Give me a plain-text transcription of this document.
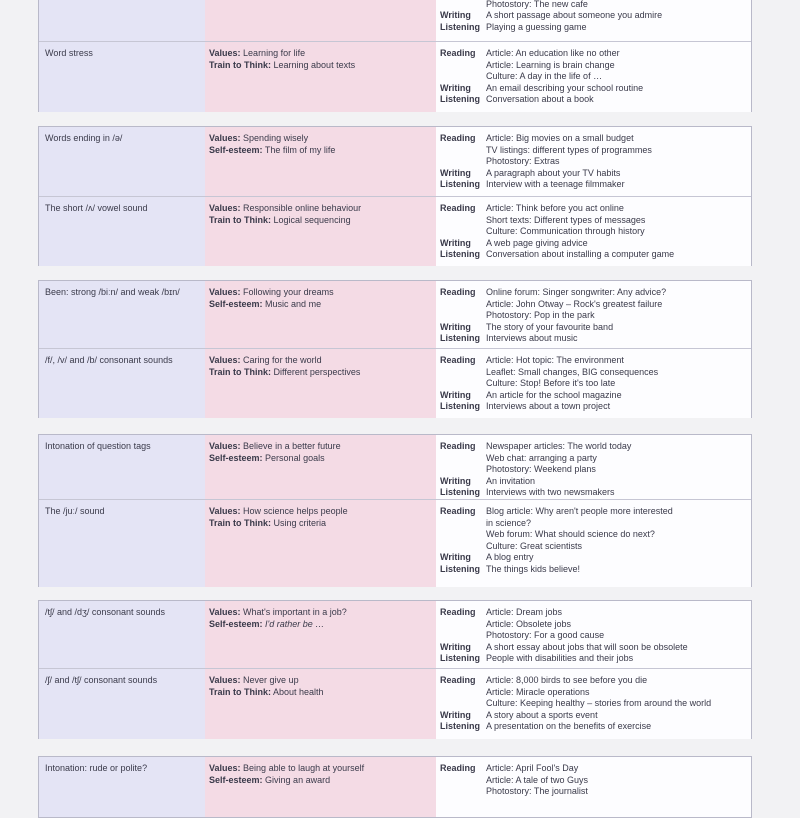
Photostory: The new cafe
Writing A short passage about someone you admire
Listening Playing a guessing game
Word stress	Values: Learning for life
Train to Think: Learning about texts
Reading Article: An education like no other
Article: Learning is brain change
Culture: A day in the life of …
Writing An email describing your school routine
Listening Conversation about a book
Words ending in /ə/	Values: Spending wisely
Self-esteem: The film of my life
Reading Article: Big movies on a small budget
TV listings: different types of programmes
Photostory: Extras
Writing A paragraph about your TV habits
Listening Interview with a teenage filmmaker
The short /ʌ/ vowel sound	Values: Responsible online behaviour
Train to Think: Logical sequencing
Reading Article: Think before you act online
Short texts: Different types of messages
Culture: Communication through history
Writing A web page giving advice
Listening Conversation about installing a computer game
Been: strong /biːn/ and weak /bɪn/	Values: Following your dreams
Self-esteem: Music and me
Reading Online forum: Singer songwriter: Any advice?
Article: John Otway – Rock's greatest failure
Photostory: Pop in the park
Writing The story of your favourite band
Listening Interviews about music
/f/, /v/ and /b/ consonant sounds	Values: Caring for the world
Train to Think: Different perspectives
Reading Article: Hot topic: The environment
Leaflet: Small changes, BIG consequences
Culture: Stop! Before it's too late
Writing An article for the school magazine
Listening Interviews about a town project
Intonation of question tags	Values: Believe in a better future
Self-esteem: Personal goals
Reading Newspaper articles: The world today
Web chat: arranging a party
Photostory: Weekend plans
Writing An invitation
Listening Interviews with two newsmakers
The /juː/ sound	Values: How science helps people
Train to Think: Using criteria
Reading Blog article: Why aren't people more interested
in science?
Web forum: What should science do next?
Culture: Great scientists
Writing A blog entry
Listening The things kids believe!
/tʃ/ and /dʒ/ consonant sounds	Values: What's important in a job?
Self-esteem: I'd rather be …
Reading Article: Dream jobs
Article: Obsolete jobs
Photostory: For a good cause
Writing A short essay about jobs that will soon be obsolete
Listening People with disabilities and their jobs
/ʃ/ and /tʃ/ consonant sounds	Values: Never give up
Train to Think: About health
Reading Article: 8,000 birds to see before you die
Article: Miracle operations
Culture: Keeping healthy – stories from around the world
Writing A story about a sports event
Listening A presentation on the benefits of exercise
Intonation: rude or polite?	Values: Being able to laugh at yourself
Self-esteem: Giving an award
Reading Article: April Fool's Day
Article: A tale of two Guys
Photostory: The journalist
